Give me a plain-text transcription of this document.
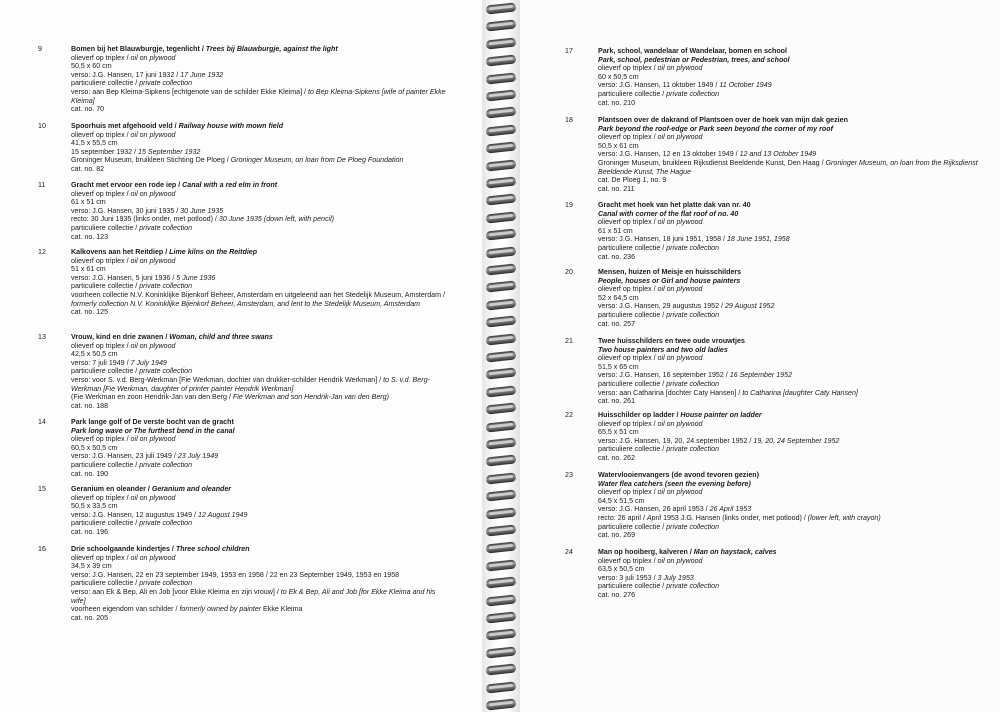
9	Bomen bij het Blauwburgje, tegenlicht / Trees bij Blauwburgje, against the light
olieverf op triplex / oil on plywood
50,5 x 60 cm
verso: J.G. Hansen, 17 juni 1932 / 17 June 1932
particuliere collectie / private collection
verso: aan Bep Kleima-Sipkens [echtgenote van de schilder Ekke Kleima] / to Bep Kleima-Sipkens [wife of painter Ekke Kleima]
cat. no. 70
10	Spoorhuis met afgehooid veld / Railway house with mown field
olieverf op triplex / oil on plywood
41,5 x 55,5 cm
15 september 1932 / 15 September 1932
Groninger Museum, bruikleen Stichting De Ploeg / Groninger Museum, on loan from De Ploeg Foundation
cat. no. 82
11	Gracht met ervoor een rode iep / Canal with a red elm in front
olieverf op triplex / oil on plywood
61 x 51 cm
verso: J.G. Hansen, 30 juni 1935 / 30 June 1935
recto: 30 Juni 1935 (links onder, met potlood) / 30 June 1935 (down left, with pencil)
particuliere collectie / private collection
cat. no. 123
12	Kalkovens aan het Reitdiep / Lime kilns on the Reitdiep
olieverf op triplex / oil on plywood
51 x 61 cm
verso: J.G. Hansen, 5 juni 1936 / 5 June 1936
particuliere collectie / private collection
voorheen collectie N.V. Koninklijke Bijenkorf Beheer, Amsterdam en uitgeleend aan het Stedelijk Museum, Amsterdam / formerly collection N.V. Koninklijke Bijenkorf Beheer, Amsterdam, and lent to the Stedelijk Museum, Amsterdam
cat. no. 125
13	Vrouw, kind en drie zwanen / Woman, child and three swans
olieverf op triplex / oil on plywood
42,5 x 50,5 cm
verso: 7 juli 1949 / 7 July 1949
particuliere collectie / private collection
verso: voor S. v.d. Berg-Werkman [Fie Werkman, dochter van drukker-schilder Hendrik Werkman] / to S. v.d. Berg-Werkman [Fie Werkman, daughter of printer painter Hendrik Werkman]
(Fie Werkman en zoon Hendrik-Jan van den Berg / Fie Werkman and son Hendrik-Jan van den Berg)
cat. no. 188
14	Park lange golf of De verste bocht van de gracht
Park long wave or The furthest bend in the canal
olieverf op triplex / oil on plywood
60,5 x 50,5 cm
verso: J.G. Hansen, 23 juli 1949 / 23 July 1949
particuliere collectie / private collection
cat. no. 190
15	Geranium en oleander / Geranium and oleander
olieverf op triplex / oil on plywood
50,5 x 33,5 cm
verso: J.G. Hansen, 12 augustus 1949 / 12 August 1949
particuliere collectie / private collection
cat. no. 196
16	Drie schoolgaande kindertjes / Three school children
olieverf op triplex / oil on plywood
34,5 x 39 cm
verso: J.G. Hansen, 22 en 23 september 1949, 1953 en 1958 / 22 en 23 September 1949, 1953 en 1958
particuliere collectie / private collection
verso: aan Ek & Bep, Ali en Job [voor Ekke Kleima en zijn vrouw] / to Ek & Bep, Ali and Job [for Ekke Kleima and his wife]
voorheen eigendom van schilder / formerly owned by painter Ekke Kleima
cat. no. 205
17	Park, school, wandelaar of Wandelaar, bomen en school
Park, school, pedestrian or Pedestrian, trees, and school
olieverf op triplex / oil on plywood
60 x 50,5 cm
verso: J.G. Hansen, 11 oktober 1949 / 11 October 1949
particuliere collectie / private collection
cat. no. 210
18	Plantsoen over de dakrand of Plantsoen over de hoek van mijn dak gezien
Park beyond the roof-edge or Park seen beyond the corner of my roof
olieverf op triplex / oil on plywood
50,5 x 61 cm
verso: J.G. Hansen, 12 en 13 oktober 1949 / 12 and 13 October 1949
Groninger Museum, bruikleen Rijksdienst Beeldende Kunst, Den Haag / Groninger Museum, on loan from the Rijksdienst Beeldende Kunst, The Hague
cat. De Ploeg 1, no. 9
cat. no. 211
19	Gracht met hoek van het platte dak van nr. 40
Canal with corner of the flat roof of no. 40
olieverf op triplex / oil on plywood
61 x 51 cm
verso: J.G. Hansen, 18 juni 1951, 1958 / 18 June 1951, 1958
particuliere collectie / private collection
cat. no. 236
20	Mensen, huizen of Meisje en huisschilders
People, houses or Girl and house painters
olieverf op triplex / oil on plywood
52 x 64,5 cm
verso: J.G. Hansen, 29 augustus 1952 / 29 August 1952
particuliere collectie / private collection
cat. no. 257
21	Twee huisschilders en twee oude vrouwtjes
Two house painters and two old ladies
olieverf op triplex / oil on plywood
51,5 x 65 cm
verso: J.G. Hansen, 16 september 1952 / 16 September 1952
particuliere collectie / private collection
verso: aan Catharina [dochter Caty Hansen] / to Catharina [daughter Caty Hansen]
cat. no. 261
22	Huisschilder op ladder / House painter on ladder
olieverf op triplex / oil on plywood
65,5 x 51 cm
verso: J.G. Hansen, 19, 20, 24 september 1952 / 19, 20, 24 September 1952
particuliere collectie / private collection
cat. no. 262
23	Watervlooienvangers (de avond tevoren gezien)
Water flea catchers (seen the evening before)
olieverf op triplex / oil on plywood
64,5 x 51,5 cm
verso: J.G. Hansen, 26 april 1953 / 26 April 1953
recto: 26 april / April 1953 J.G. Hansen (links onder, met potlood) / (lower left, with crayon)
particuliere collectie / private collection
cat. no. 269
24	Man op hooiberg, kalveren / Man on haystack, calves
olieverf op triplex / oil on plywood
63,5 x 50,5 cm
verso: 3 juli 1953 / 3 July 1953
particuliere collectie / private collection
cat. no. 276
